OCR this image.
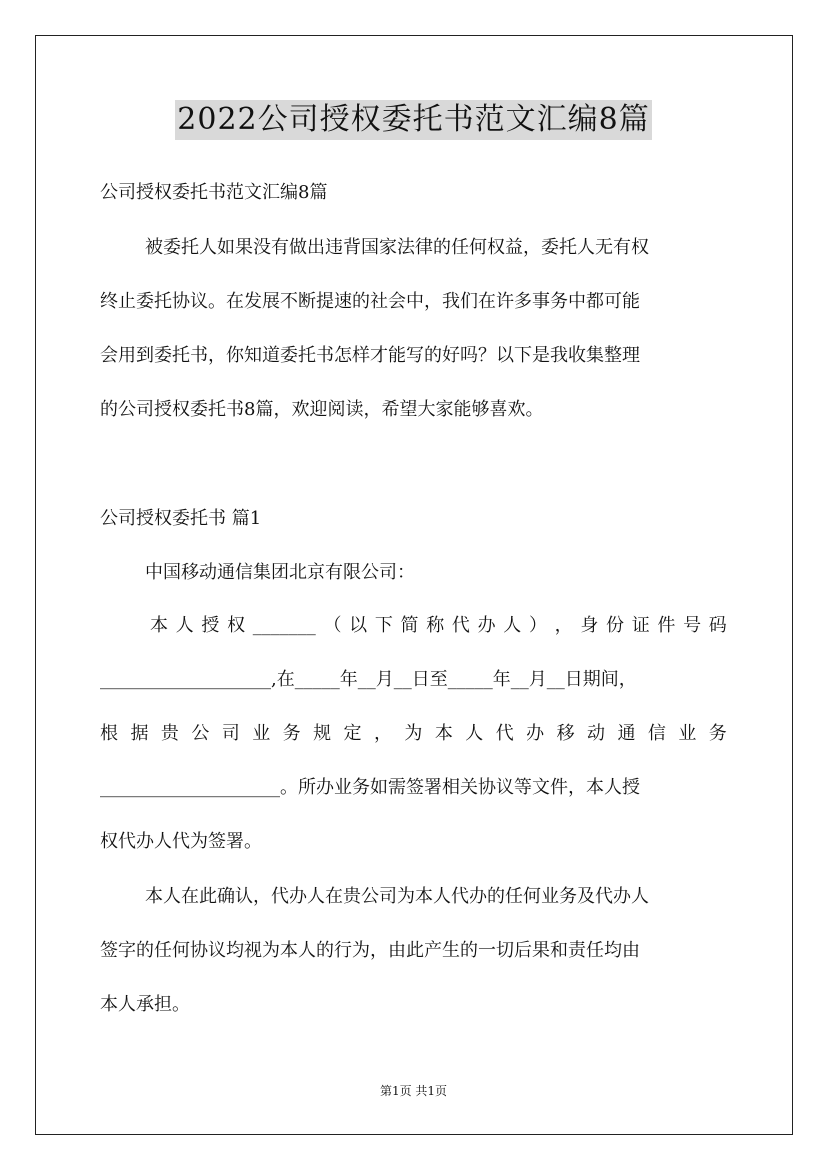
2022公司授权委托书范文汇编8篇
公司授权委托书范文汇编8篇
被委托人如果没有做出违背国家法律的任何权益，委托人无有权
终止委托协议。在发展不断提速的社会中，我们在许多事务中都可能
会用到委托书，你知道委托书怎样才能写的好吗？以下是我收集整理
的公司授权委托书8篇，欢迎阅读，希望大家能够喜欢。
公司授权委托书 篇1
中国移动通信集团北京有限公司：
本 人 授 权 _______ （ 以 下 简 称 代 办 人 ） ， 身 份 证 件 号 码
___________________,在_____年__月__日至_____年__月__日期间，
根 据 贵 公 司 业 务 规 定 ， 为 本 人 代 办 移 动 通 信 业 务
____________________。所办业务如需签署相关协议等文件，本人授
权代办人代为签署。
本人在此确认，代办人在贵公司为本人代办的任何业务及代办人
签字的任何协议均视为本人的行为，由此产生的一切后果和责任均由
本人承担。
第1页 共1页
